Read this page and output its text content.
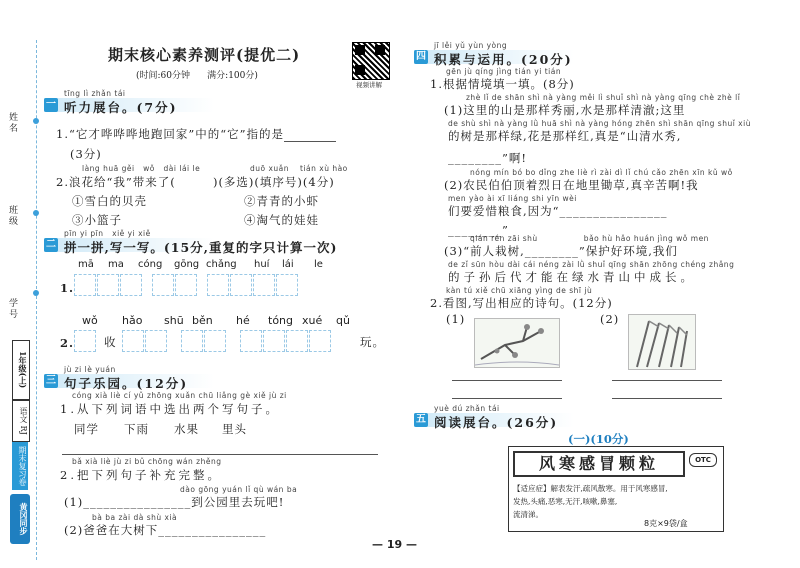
姓名
班级
学号
1年级(上)
语文 RJ
期末复习卷
黄冈同步
期末核心素养测评(提优二)
(时间:60分钟      满分:100分)
视频讲解
一
tīng lì zhǎn tái
听力展台。(7分)
1.“它才哗哗哗地跑回家”中的“它”指的是
(3分)
làng huā gěi   wǒ   dài lái le	duō xuǎn tián xù hào
2.浪花给“我”带来了(        )(多选)(填序号)(4分)
①雪白的贝壳	②青青的小虾
③小篮子	④淘气的娃娃
二
pīn yi pīn   xiě yi xiě
拼一拼,写一写。(15分,重复的字只计算一次)
mā ma cóng gōng chǎng huí lái le
1.
wǒ hǎo shū běn hé tóng xué qǔ
2.	收	玩。
三
jù zi lè yuán
句子乐园。(12分)
cóng xià liè cí yǔ zhōng xuǎn chū liǎng gè xiě jù zi
1.从下列词语中选出两个写句子。
同学 下雨 水果 里头
bǎ xià liè jù zi bǔ chōng wán zhěng
2.把下列句子补充完整。
dào gōng yuán lǐ qù wán ba
(1)________________到公园里去玩吧!
bà ba zài dà shù xià
(2)爸爸在大树下________________
四
jī lěi yǔ yùn yòng
积累与运用。(20分)
gēn jù qíng jìng tián yi tián
1.根据情境填一填。(8分)
zhè lǐ de shān shì nà yàng měi lì shuǐ shì nà yàng qīng chè zhè lǐ
(1)这里的山是那样秀丽,水是那样清澈;这里
de shù shì nà yàng lǜ huā shì nà yàng hóng zhēn shì shān qīng shuǐ xiù
的树是那样绿,花是那样红,真是“山清水秀,
________”啊!
nóng mín bó bo dǐng zhe liè rì zài dì lǐ chú cǎo zhēn xīn kǔ wǒ
(2)农民伯伯顶着烈日在地里锄草,真辛苦啊!我
men yào ài xī liáng shi yīn wèi
们要爱惜粮食,因为“________________
________”
qián rén zāi shù                bǎo hù hǎo huán jìng wǒ men
(3)“前人栽树,________”保护好环境,我们
de zǐ sūn hòu dài cái néng zài lǜ shuǐ qīng shān zhōng chéng zhǎng
的子孙后代才能在绿水青山中成长。
kàn tú xiě chū xiāng yìng de shī jù
2.看图,写出相应的诗句。(12分)
(1)	(2)
五
yuè dú zhǎn tái
阅读展台。(26分)
(一)(10分)
风寒感冒颗粒	OTC
【适应症】解表发汗,疏风散寒。用于风寒感冒,
发热,头痛,恶寒,无汗,咳嗽,鼻塞,
流清涕。
8克×9袋/盒
— 19 —
